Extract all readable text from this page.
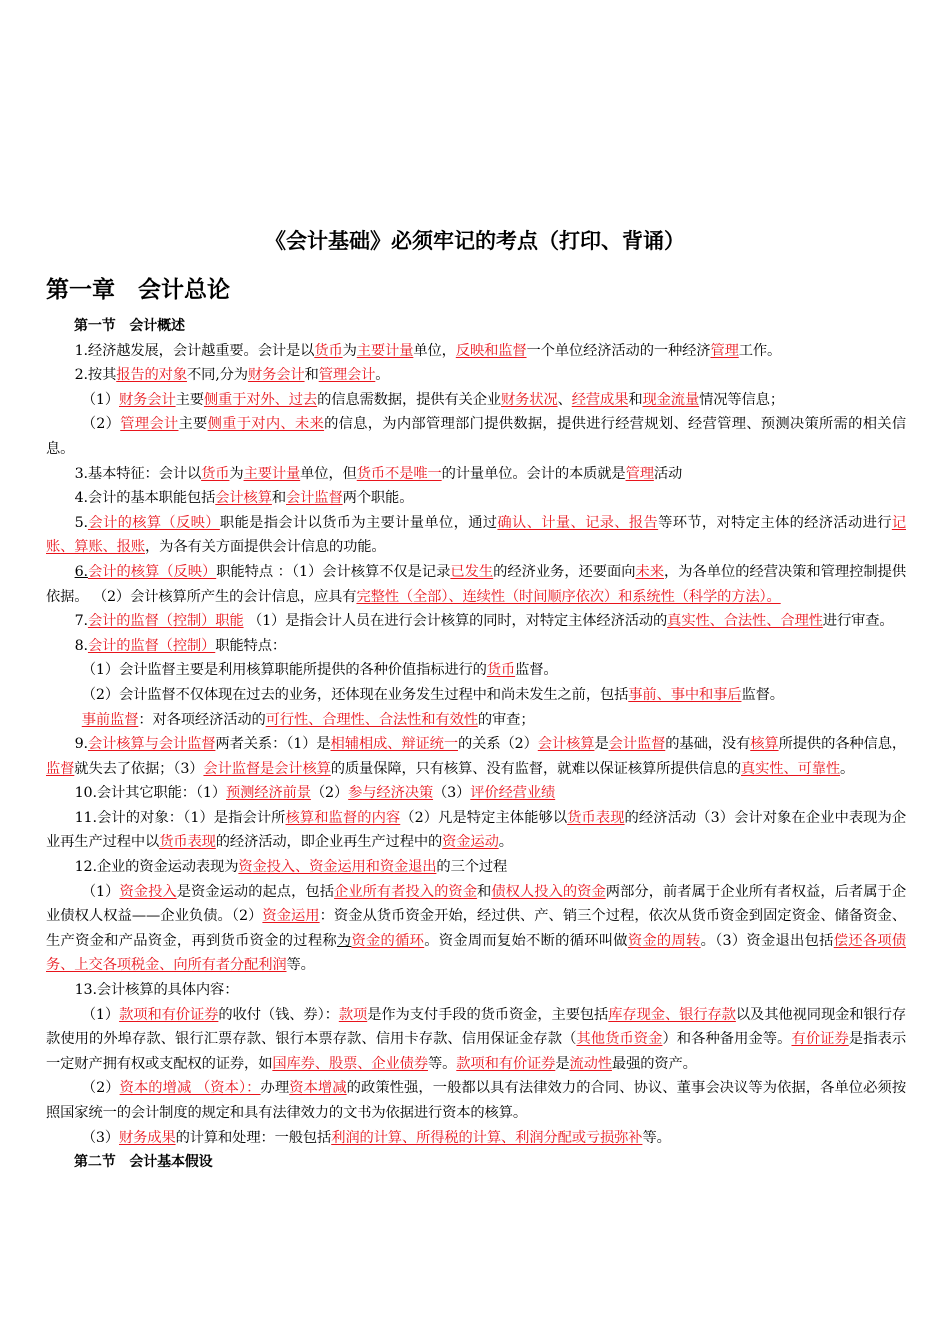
《会计基础》必须牢记的考点（打印、背诵）
第一章　会计总论

第一节　会计概述

1.经济越发展，会计越重要。会计是以货币为主要计量单位，反映和监督一个单位经济活动的一种经济管理工作。

2.按其报告的对象不同,分为财务会计和管理会计。

（1）财务会计主要侧重于对外、过去的信息需数据，提供有关企业财务状况、经营成果和现金流量情况等信息；

（2）管理会计主要侧重于对内、未来的信息，为内部管理部门提供数据，提供进行经营规划、经营管理、预测决策所需的相关信息。

3.基本特征：会计以货币为主要计量单位，但货币不是唯一的计量单位。会计的本质就是管理活动

4.会计的基本职能包括会计核算和会计监督两个职能。

5.会计的核算（反映）职能是指会计以货币为主要计量单位，通过确认、计量、记录、报告等环节，对特定主体的经济活动进行记账、算账、报账，为各有关方面提供会计信息的功能。

6.会计的核算（反映）职能特点 ：（1）会计核算不仅是记录已发生的经济业务，还要面向未来，为各单位的经营决策和管理控制提供依据。 （2）会计核算所产生的会计信息，应具有完整性（全部）、连续性（时间顺序依次）和系统性（科学的方法）。

7.会计的监督（控制）职能 （1）是指会计人员在进行会计核算的同时，对特定主体经济活动的真实性、合法性、合理性进行审查。

8.会计的监督（控制）职能特点：

（1）会计监督主要是利用核算职能所提供的各种价值指标进行的货币监督。

（2）会计监督不仅体现在过去的业务，还体现在业务发生过程中和尚未发生之前，包括事前、事中和事后监督。

事前监督：对各项经济活动的可行性、合理性、合法性和有效性的审查；

9.会计核算与会计监督两者关系：（1）是相辅相成、辩证统一的关系（2）会计核算是会计监督的基础，没有核算所提供的各种信息，监督就失去了依据；（3）会计监督是会计核算的质量保障，只有核算、没有监督，就难以保证核算所提供信息的真实性、可靠性。

10.会计其它职能：（1）预测经济前景（2）参与经济决策（3）评价经营业绩

11.会计的对象：（1）是指会计所核算和监督的内容（2）凡是特定主体能够以货币表现的经济活动（3）会计对象在企业中表现为企业再生产过程中以货币表现的经济活动，即企业再生产过程中的资金运动。

12.企业的资金运动表现为资金投入、资金运用和资金退出的三个过程

（1）资金投入是资金运动的起点，包括企业所有者投入的资金和债权人投入的资金两部分，前者属于企业所有者权益，后者属于企业债权人权益——企业负债。（2）资金运用：资金从货币资金开始，经过供、产、销三个过程，依次从货币资金到固定资金、储备资金、生产资金和产品资金，再到货币资金的过程称为资金的循环。资金周而复始不断的循环叫做资金的周转。（3）资金退出包括偿还各项债务、上交各项税金、向所有者分配利润等。

13.会计核算的具体内容：

（1）款项和有价证券的收付（钱、券）：款项是作为支付手段的货币资金，主要包括库存现金、银行存款以及其他视同现金和银行存款使用的外埠存款、银行汇票存款、银行本票存款、信用卡存款、信用保证金存款（其他货币资金）和各种备用金等。有价证券是指表示一定财产拥有权或支配权的证券，如国库券、股票、企业债券等。款项和有价证券是流动性最强的资产。

（2）资本的增减 （资本）：办理资本增减的政策性强，一般都以具有法律效力的合同、协议、董事会决议等为依据，各单位必须按照国家统一的会计制度的规定和具有法律效力的文书为依据进行资本的核算。

（3）财务成果的计算和处理：一般包括利润的计算、所得税的计算、利润分配或亏损弥补等。

第二节　会计基本假设
